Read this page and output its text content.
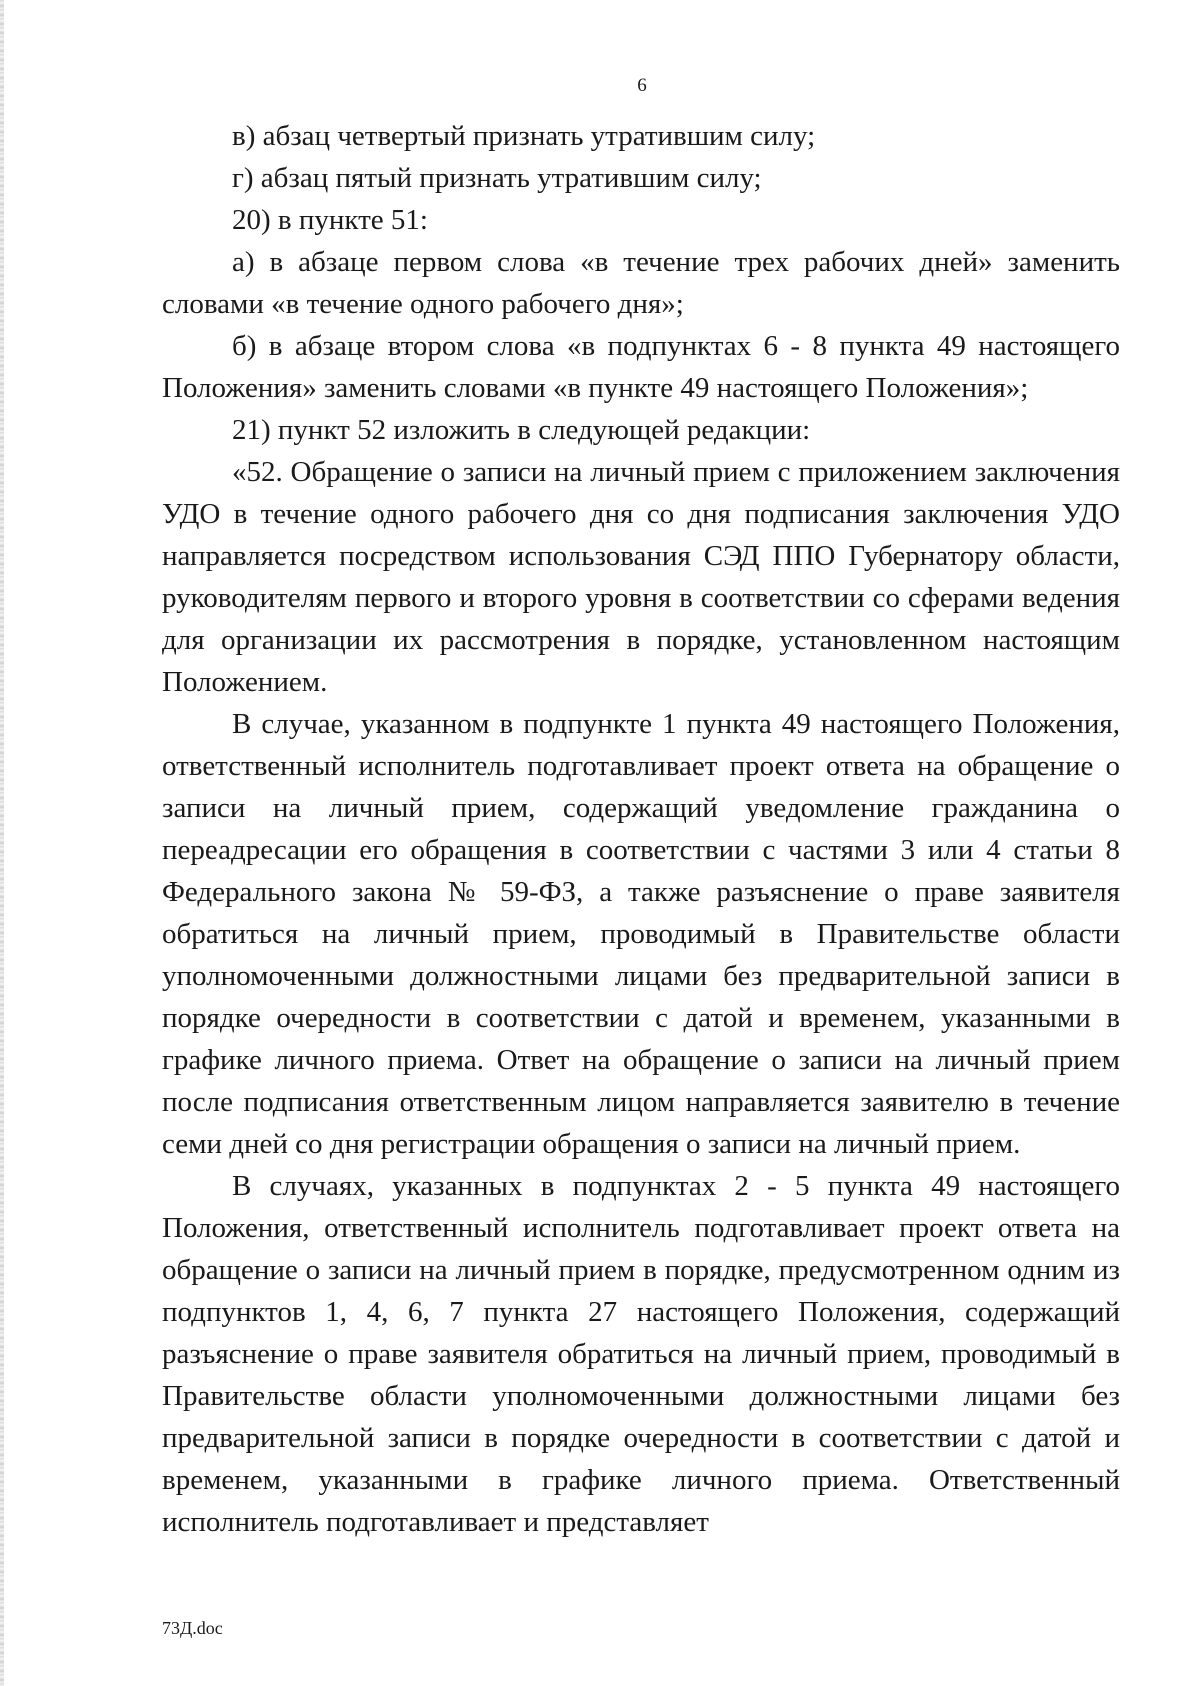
6

в) абзац четвертый признать утратившим силу;

г) абзац пятый признать утратившим силу;

20) в пункте 51:

а) в абзаце первом слова «в течение трех рабочих дней» заменить словами «в течение одного рабочего дня»;

б) в абзаце втором слова «в подпунктах 6 - 8 пункта 49 настоящего Положения» заменить словами «в пункте 49 настоящего Положения»;

21) пункт 52 изложить в следующей редакции:

«52. Обращение о записи на личный прием с приложением заключения УДО в течение одного рабочего дня со дня подписания заключения УДО направляется посредством использования СЭД ППО Губернатору области, руководителям первого и второго уровня в соответствии со сферами ведения для организации их рассмотрения в порядке, установленном настоящим Положением.

В случае, указанном в подпункте 1 пункта 49 настоящего Положения, ответственный исполнитель подготавливает проект ответа на обращение о записи на личный прием, содержащий уведомление гражданина о переадресации его обращения в соответствии с частями 3 или 4 статьи 8 Федерального закона № 59-ФЗ, а также разъяснение о праве заявителя обратиться на личный прием, проводимый в Правительстве области уполномоченными должностными лицами без предварительной записи в порядке очередности в соответствии с датой и временем, указанными в графике личного приема. Ответ на обращение о записи на личный прием после подписания ответственным лицом направляется заявителю в течение семи дней со дня регистрации обращения о записи на личный прием.

В случаях, указанных в подпунктах 2 - 5 пункта 49 настоящего Положения, ответственный исполнитель подготавливает проект ответа на обращение о записи на личный прием в порядке, предусмотренном одним из подпунктов 1, 4, 6, 7 пункта 27 настоящего Положения, содержащий разъяснение о праве заявителя обратиться на личный прием, проводимый в Правительстве области уполномоченными должностными лицами без предварительной записи в порядке очередности в соответствии с датой и временем, указанными в графике личного приема. Ответственный исполнитель подготавливает и представляет

73Д.doc
